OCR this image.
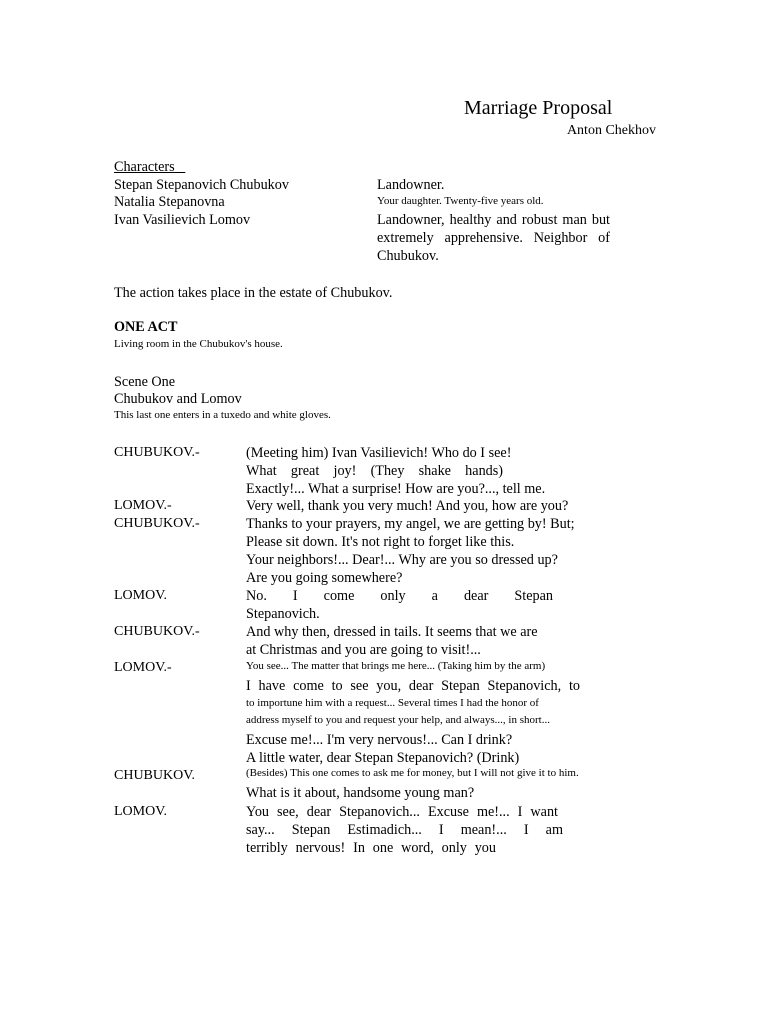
Marriage Proposal
Anton Chekhov
Characters
Stepan Stepanovich Chubukov	Landowner.
Natalia Stepanovna	Your daughter. Twenty-five years old.
Ivan Vasilievich Lomov	Landowner, healthy and robust man but extremely apprehensive. Neighbor of Chubukov.
The action takes place in the estate of Chubukov.
ONE ACT
Living room in the Chubukov's house.
Scene One
Chubukov and Lomov
This last one enters in a tuxedo and white gloves.
CHUBUKOV.-	(Meeting him) Ivan Vasilievich! Who do I see!
What great joy! (They shake hands)
Exactly!... What a surprise! How are you?..., tell me.
LOMOV.-	Very well, thank you very much! And you, how are you?
CHUBUKOV.-	Thanks to your prayers, my angel, we are getting by! But;
Please sit down. It's not right to forget like this.
Your neighbors!... Dear!... Why are you so dressed up?
Are you going somewhere?
LOMOV.	No. I come only a dear Stepan
Stepanovich.
CHUBUKOV.-	And why then, dressed in tails. It seems that we are
at Christmas and you are going to visit!...
LOMOV.-	You see... The matter that brings me here... (Taking him by the arm)
I have come to see you, dear Stepan Stepanovich, to
to importune him with a request... Several times I had the honor of
address myself to you and request your help, and always..., in short...
Excuse me!... I'm very nervous!... Can I drink?
A little water, dear Stepan Stepanovich? (Drink)
CHUBUKOV.	(Besides) This one comes to ask me for money, but I will not give it to him.
What is it about, handsome young man?
LOMOV.	You see, dear Stepanovich... Excuse me!... I want
say... Stepan Estimadich... I mean!... I am
terribly nervous! In one word, only you
